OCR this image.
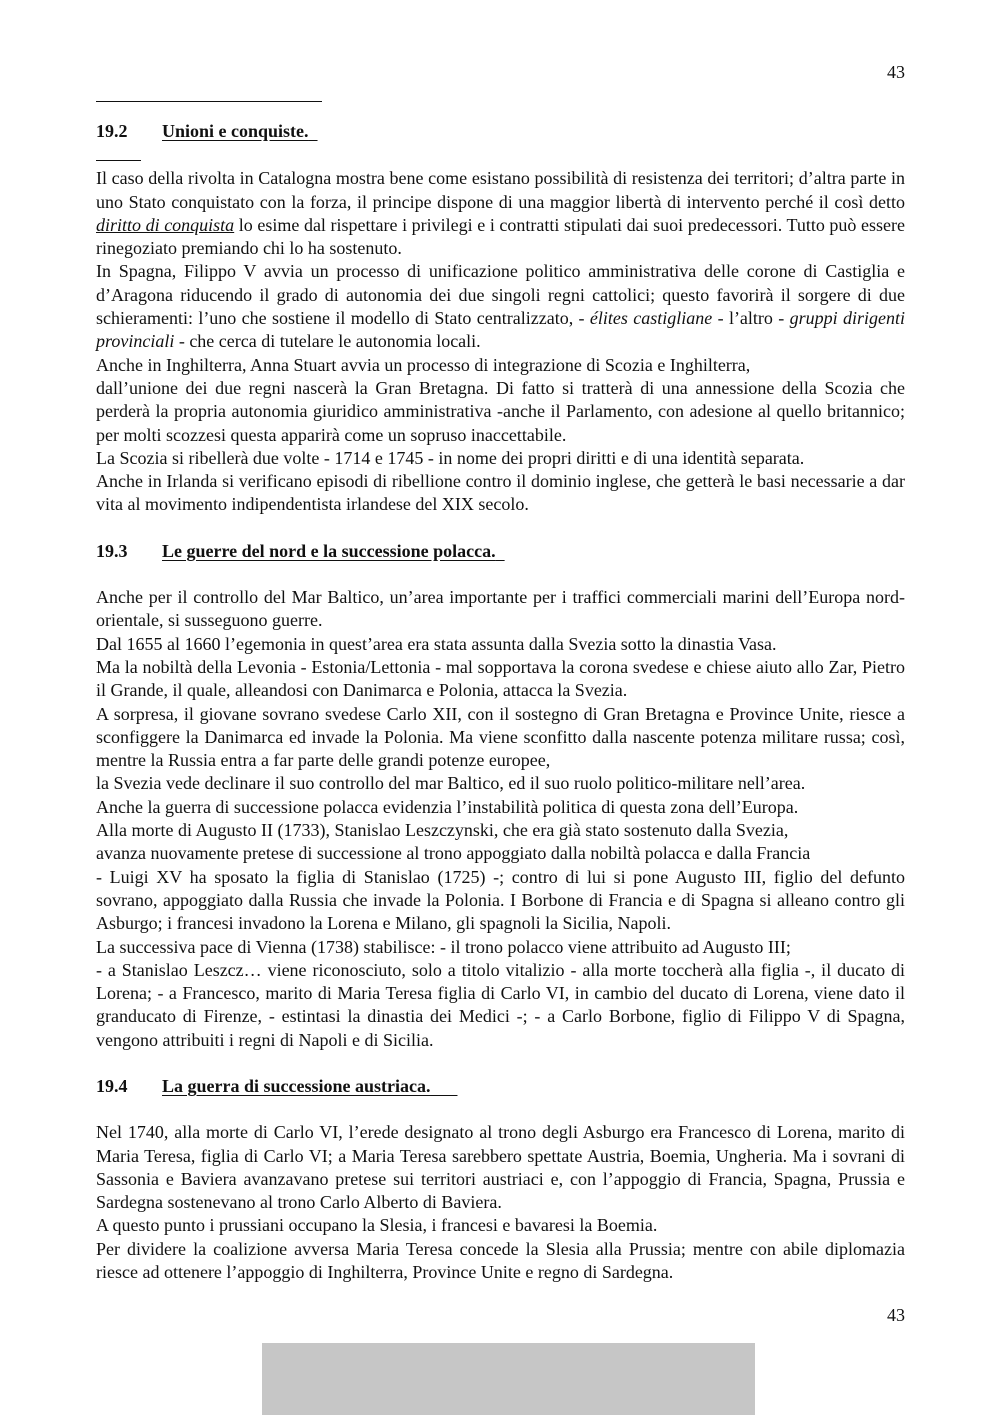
43

19.2 Unioni e conquiste.

Il caso della rivolta in Catalogna mostra bene come esistano possibilità di resistenza dei territori; d’altra parte in uno Stato conquistato con la forza, il principe dispone di una maggior libertà di intervento perché il così detto diritto di conquista lo esime dal rispettare i privilegi e i contratti stipulati dai suoi predecessori. Tutto può essere rinegoziato premiando chi lo ha sostenuto.

In Spagna, Filippo V avvia un processo di unificazione politico amministrativa delle corone di Castiglia e d’Aragona riducendo il grado di autonomia dei due singoli regni cattolici; questo favorirà il sorgere di due schieramenti: l’uno che sostiene il modello di Stato centralizzato, - élites castigliane - l’altro - gruppi dirigenti provinciali - che cerca di tutelare le autonomia locali.

Anche in Inghilterra, Anna Stuart avvia un processo di integrazione di Scozia e Inghilterra,

dall’unione dei due regni nascerà la Gran Bretagna. Di fatto si tratterà di una annessione della Scozia che perderà la propria autonomia giuridico amministrativa -anche il Parlamento, con adesione al quello britannico; per molti scozzesi questa apparirà come un sopruso inaccettabile.

La Scozia si ribellerà due volte - 1714 e 1745 - in nome dei propri diritti e di una identità separata.

Anche in Irlanda si verificano episodi di ribellione contro il dominio inglese, che getterà le basi necessarie a dar vita al movimento indipendentista irlandese del XIX secolo.

19.3 Le guerre del nord e la successione polacca.

Anche per il controllo del Mar Baltico, un’area importante per i traffici commerciali marini dell’Europa nord-orientale, si susseguono guerre.

Dal 1655 al 1660 l’egemonia in quest’area era stata assunta dalla Svezia sotto la dinastia Vasa.

Ma la nobiltà della Levonia - Estonia/Lettonia - mal sopportava la corona svedese e chiese aiuto allo Zar, Pietro il Grande, il quale, alleandosi con Danimarca e Polonia, attacca la Svezia.

A sorpresa, il giovane sovrano svedese Carlo XII, con il sostegno di Gran Bretagna e Province Unite, riesce a sconfiggere la Danimarca ed invade la Polonia. Ma viene sconfitto dalla nascente potenza militare russa; così, mentre la Russia entra a far parte delle grandi potenze europee,

la Svezia vede declinare il suo controllo del mar Baltico, ed il suo ruolo politico-militare nell’area.

Anche la guerra di successione polacca evidenzia l’instabilità politica di questa zona dell’Europa.

Alla morte di Augusto II (1733), Stanislao Leszczynski, che era già stato sostenuto dalla Svezia,

avanza nuovamente pretese di successione al trono appoggiato dalla nobiltà polacca e dalla Francia

- Luigi XV ha sposato la figlia di Stanislao (1725) -; contro di lui si pone Augusto III, figlio del defunto sovrano, appoggiato dalla Russia che invade la Polonia. I Borbone di Francia e di Spagna si alleano contro gli Asburgo; i francesi invadono la Lorena e Milano, gli spagnoli la Sicilia, Napoli.

La successiva pace di Vienna (1738) stabilisce: - il trono polacco viene attribuito ad Augusto III;

- a Stanislao Leszcz… viene riconosciuto, solo a titolo vitalizio - alla morte toccherà alla figlia -, il ducato di Lorena; - a Francesco, marito di Maria Teresa figlia di Carlo VI, in cambio del ducato di Lorena, viene dato il granducato di Firenze, - estintasi la dinastia dei Medici -; - a Carlo Borbone, figlio di Filippo V di Spagna, vengono attribuiti i regni di Napoli e di Sicilia.

19.4 La guerra di successione austriaca.

Nel 1740, alla morte di Carlo VI, l’erede designato al trono degli Asburgo era Francesco di Lorena, marito di Maria Teresa, figlia di Carlo VI; a Maria Teresa sarebbero spettate Austria, Boemia, Ungheria. Ma i sovrani di Sassonia e Baviera avanzavano pretese sui territori austriaci e, con l’appoggio di Francia, Spagna, Prussia e Sardegna sostenevano al trono Carlo Alberto di Baviera.

A questo punto i prussiani occupano la Slesia, i francesi e bavaresi la Boemia.

Per dividere la coalizione avversa Maria Teresa concede la Slesia alla Prussia; mentre con abile diplomazia riesce ad ottenere l’appoggio di Inghilterra, Province Unite e regno di Sardegna.

43
